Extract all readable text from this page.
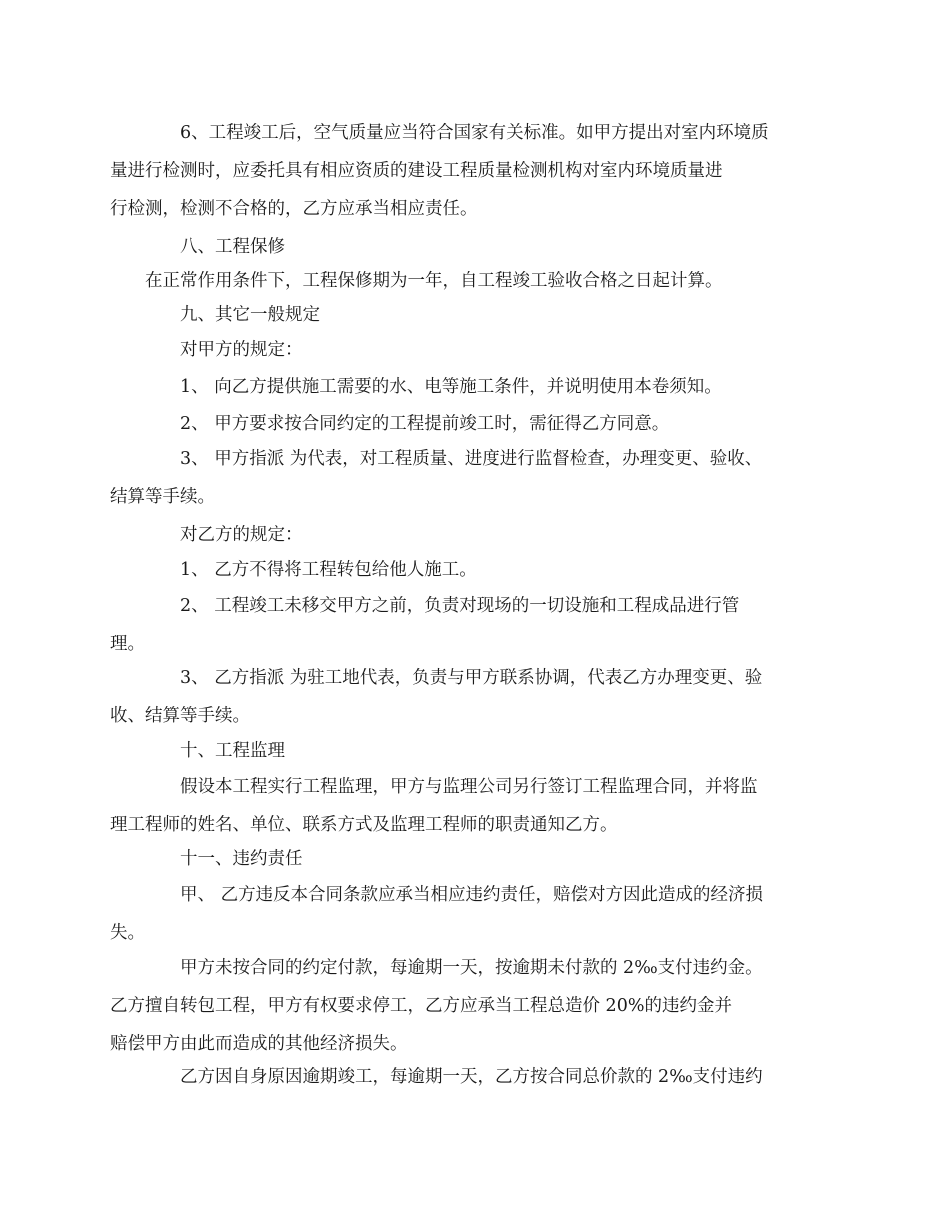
6、工程竣工后，空气质量应当符合国家有关标准。如甲方提出对室内环境质
量进行检测时，应委托具有相应资质的建设工程质量检测机构对室内环境质量进
行检测，检测不合格的，乙方应承当相应责任。

八、工程保修

在正常作用条件下，工程保修期为一年，自工程竣工验收合格之日起计算。

九、其它一般规定

对甲方的规定：

1、 向乙方提供施工需要的水、电等施工条件，并说明使用本卷须知。

2、 甲方要求按合同约定的工程提前竣工时，需征得乙方同意。

3、 甲方指派 为代表，对工程质量、进度进行监督检查，办理变更、验收、
结算等手续。

对乙方的规定：

1、 乙方不得将工程转包给他人施工。

2、 工程竣工未移交甲方之前，负责对现场的一切设施和工程成品进行管
理。

3、 乙方指派 为驻工地代表，负责与甲方联系协调，代表乙方办理变更、验
收、结算等手续。

十、工程监理

假设本工程实行工程监理，甲方与监理公司另行签订工程监理合同，并将监
理工程师的姓名、单位、联系方式及监理工程师的职责通知乙方。

十一、违约责任

甲、 乙方违反本合同条款应承当相应违约责任，赔偿对方因此造成的经济损
失。

甲方未按合同的约定付款，每逾期一天，按逾期未付款的 2‰支付违约金。
乙方擅自转包工程，甲方有权要求停工，乙方应承当工程总造价 20%的违约金并
赔偿甲方由此而造成的其他经济损失。

乙方因自身原因逾期竣工，每逾期一天，乙方按合同总价款的 2‰支付违约
